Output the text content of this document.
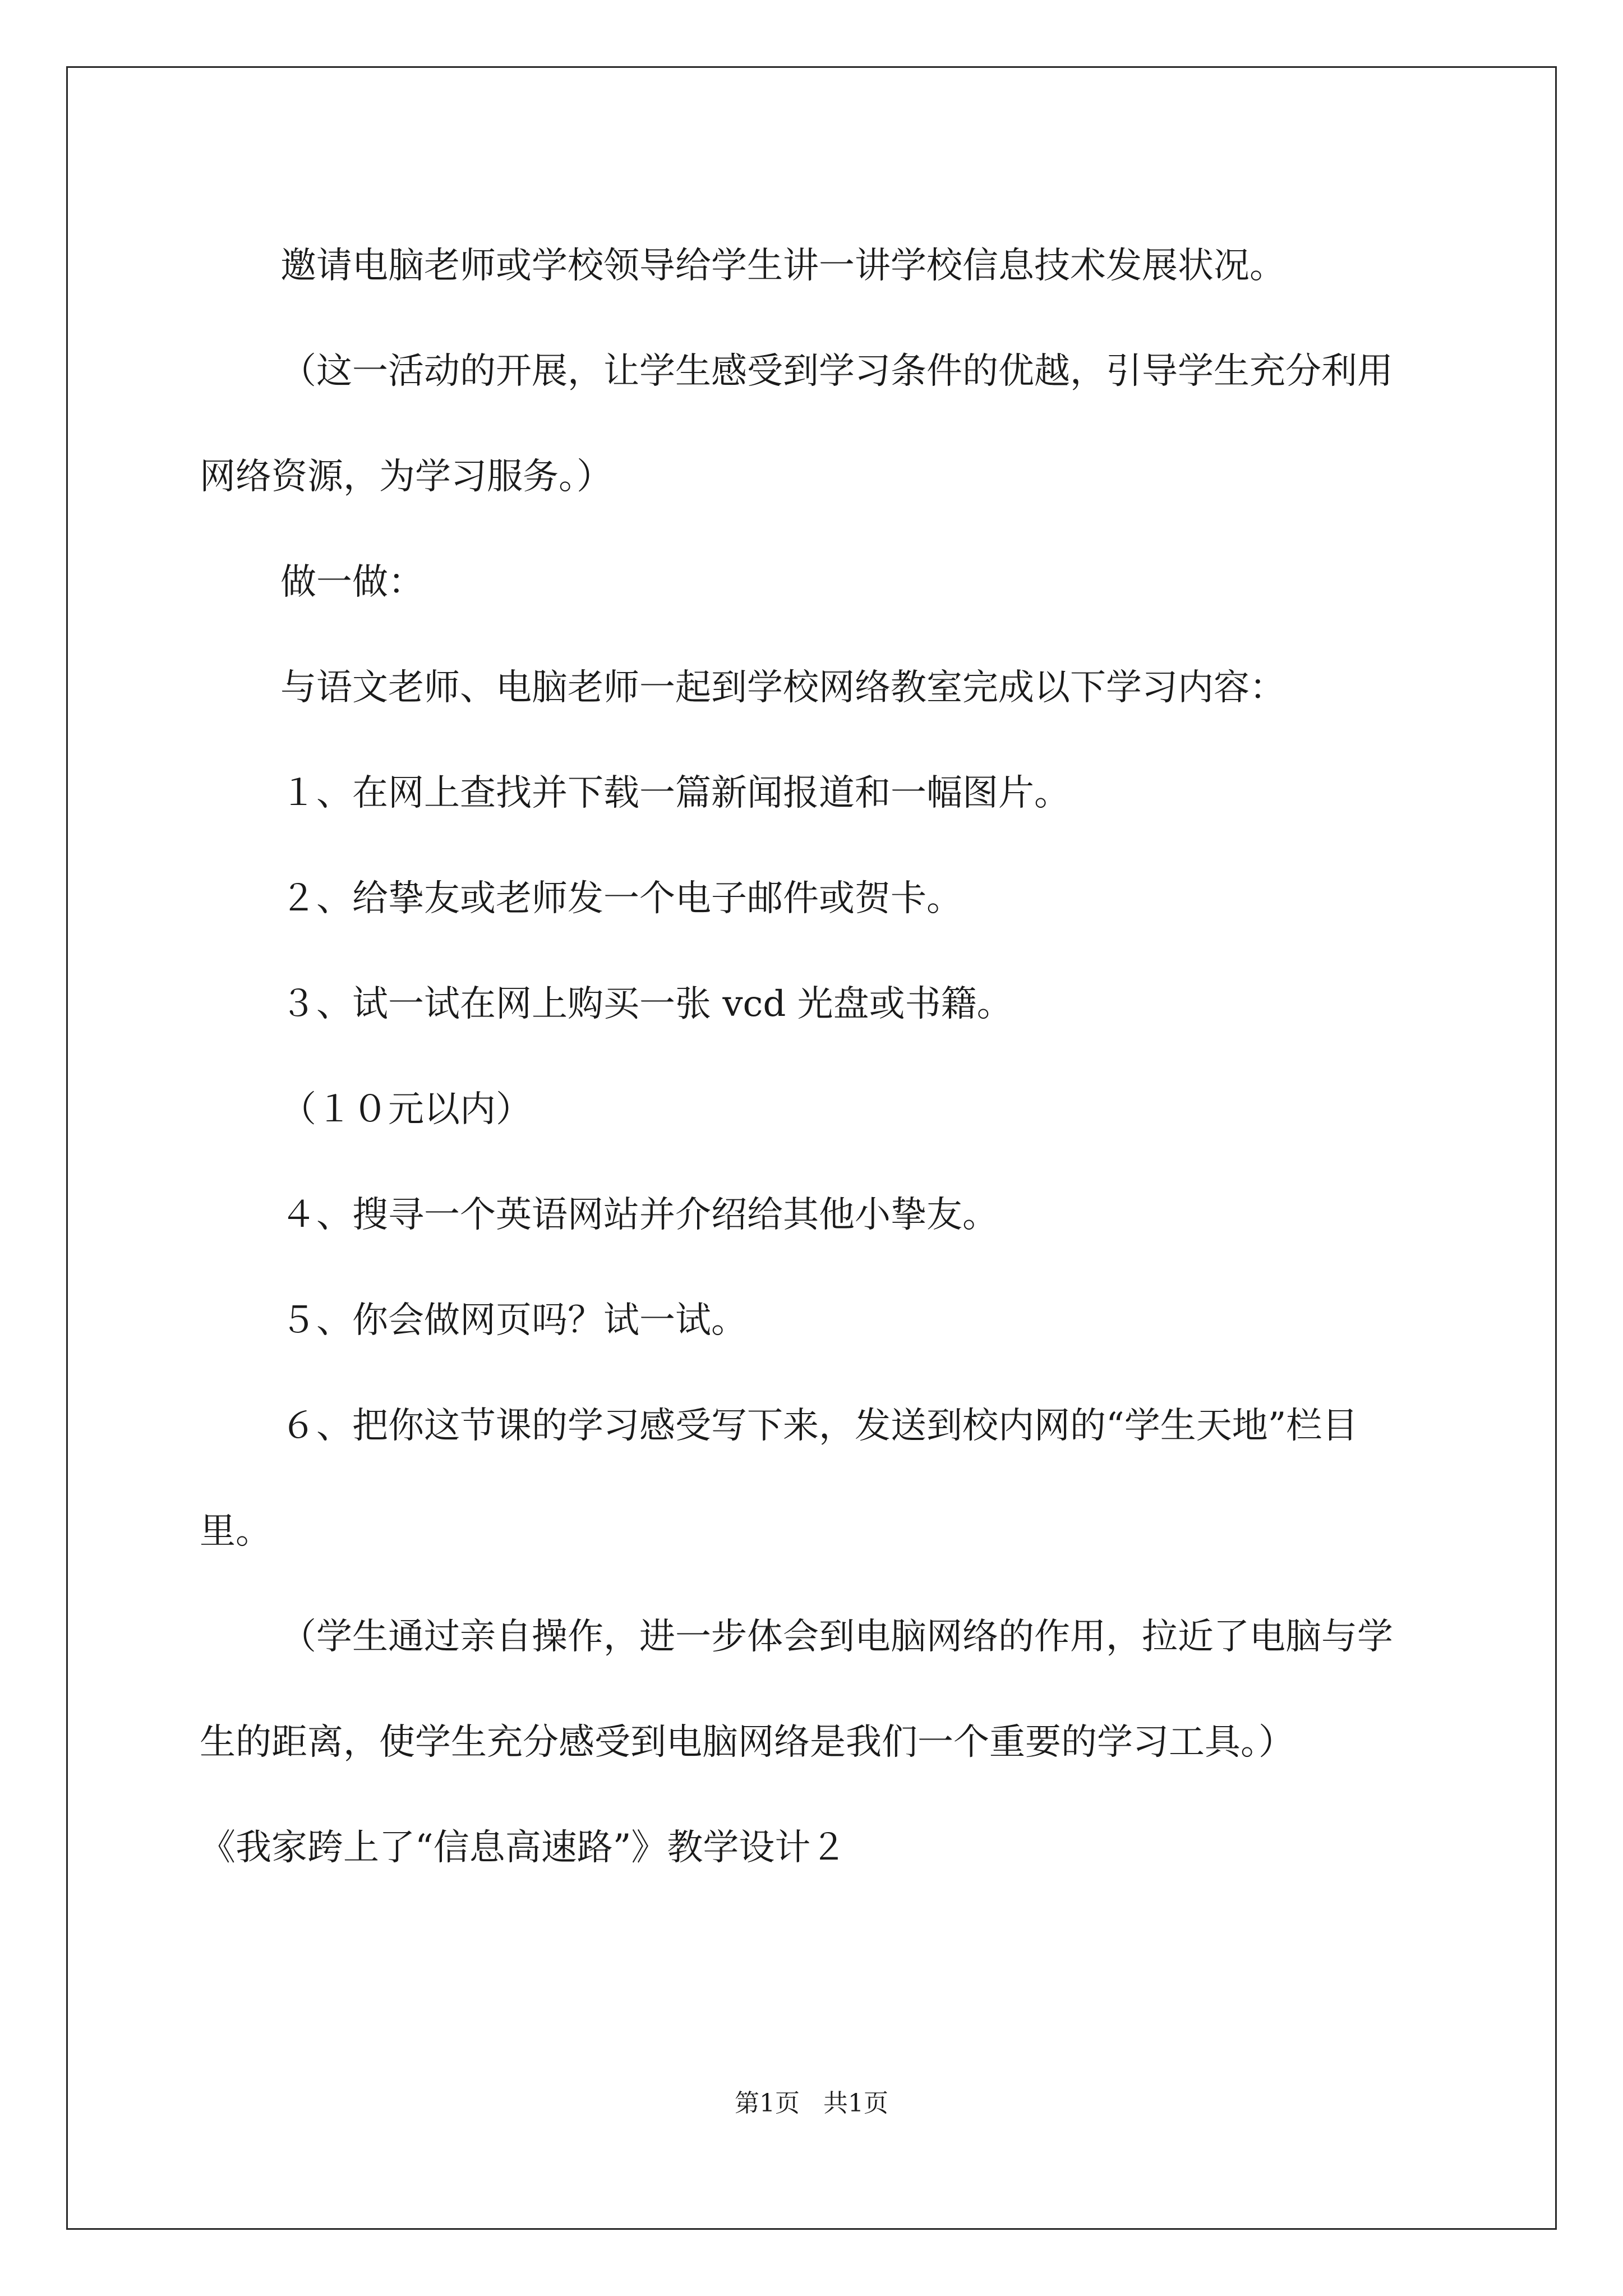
邀请电脑老师或学校领导给学生讲一讲学校信息技术发展状况。

（这一活动的开展，让学生感受到学习条件的优越，引导学生充分利用网络资源，为学习服务。）

做一做：

与语文老师、电脑老师一起到学校网络教室完成以下学习内容：

１、在网上查找并下载一篇新闻报道和一幅图片。

２、给挚友或老师发一个电子邮件或贺卡。

３、试一试在网上购买一张 vcd 光盘或书籍。

（１０元以内）

４、搜寻一个英语网站并介绍给其他小挚友。

５、你会做网页吗？试一试。

６、把你这节课的学习感受写下来，发送到校内网的“学生天地”栏目里。

（学生通过亲自操作，进一步体会到电脑网络的作用，拉近了电脑与学生的距离，使学生充分感受到电脑网络是我们一个重要的学习工具。）

《我家跨上了“信息高速路”》教学设计２

第1页 共1页
